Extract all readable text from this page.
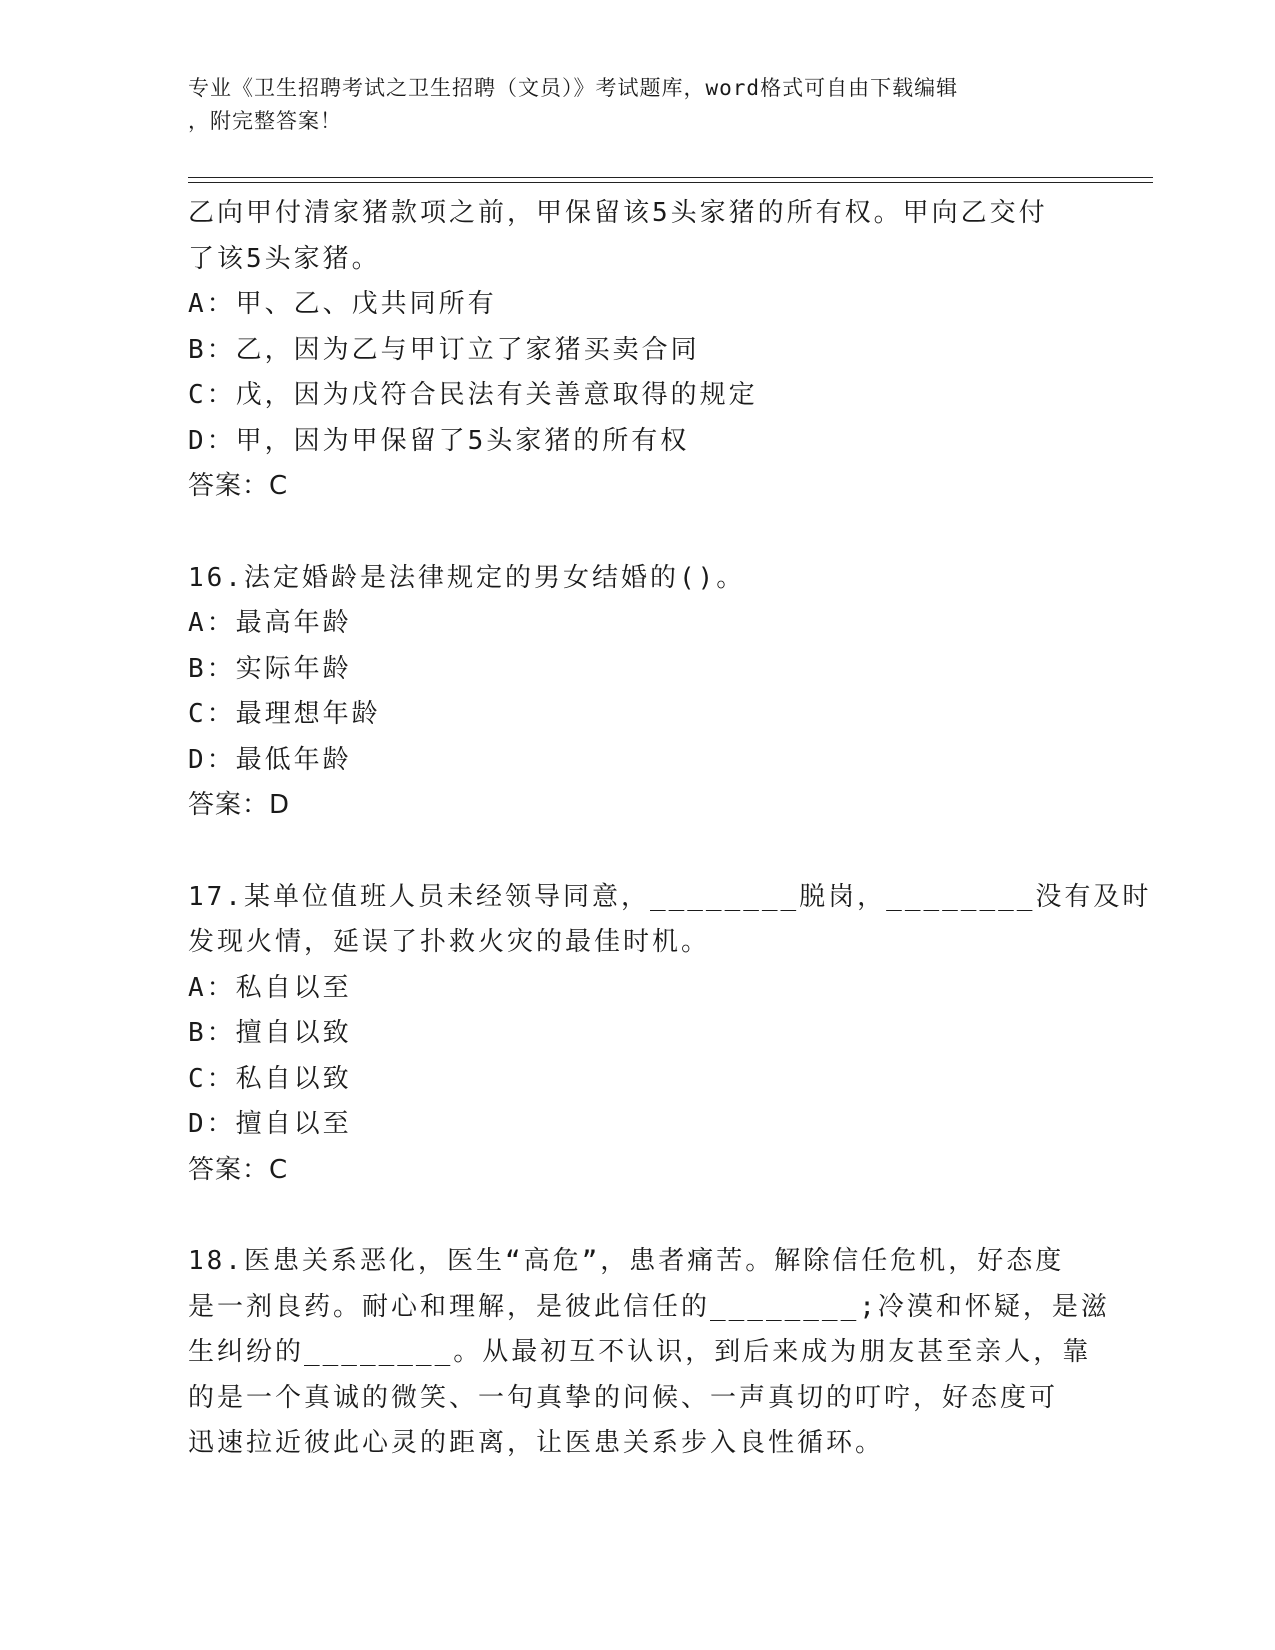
专业《卫生招聘考试之卫生招聘（文员）》考试题库，word格式可自由下载编辑
，附完整答案！
乙向甲付清家猪款项之前，甲保留该5头家猪的所有权。甲向乙交付
了该5头家猪。
A：甲、乙、戊共同所有
B：乙，因为乙与甲订立了家猪买卖合同
C：戊，因为戊符合民法有关善意取得的规定
D：甲，因为甲保留了5头家猪的所有权
答案：C
16.法定婚龄是法律规定的男女结婚的()。
A：最高年龄
B：实际年龄
C：最理想年龄
D：最低年龄
答案：D
17.某单位值班人员未经领导同意，________脱岗，________没有及时
发现火情，延误了扑救火灾的最佳时机。
A：私自以至
B：擅自以致
C：私自以致
D：擅自以至
答案：C
18.医患关系恶化，医生“高危”，患者痛苦。解除信任危机，好态度
是一剂良药。耐心和理解，是彼此信任的________;冷漠和怀疑，是滋
生纠纷的________。从最初互不认识，到后来成为朋友甚至亲人，靠
的是一个真诚的微笑、一句真挚的问候、一声真切的叮咛，好态度可
迅速拉近彼此心灵的距离，让医患关系步入良性循环。
